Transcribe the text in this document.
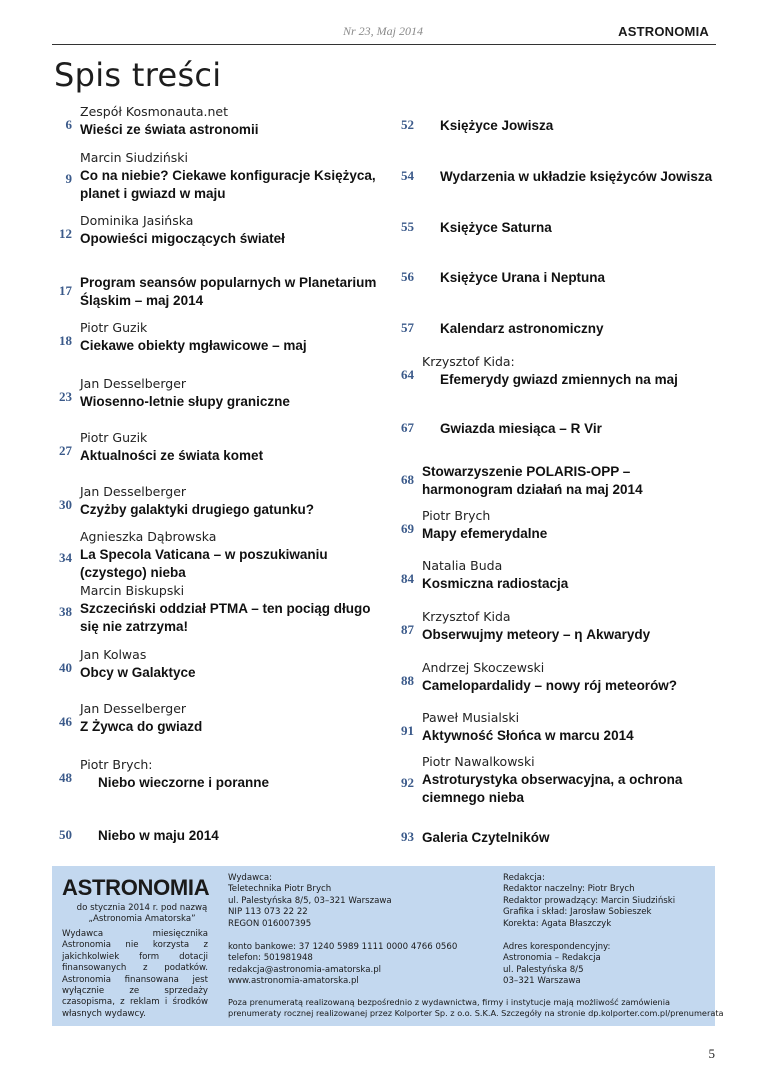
Nr 23, Maj 2014	ASTRONOMIA
Spis treści
6
Zespół Kosmonauta.net
Wieści ze świata astronomii
9
Marcin Siudziński
Co na niebie? Ciekawe konfiguracje Księżyca,
planet i gwiazd w maju
12
Dominika Jasińska
Opowieści migoczących świateł
17
Program seansów popularnych w Planetarium
Śląskim – maj 2014
18
Piotr Guzik
Ciekawe obiekty mgławicowe – maj
23
Jan Desselberger
Wiosenno-letnie słupy graniczne
27
Piotr Guzik
Aktualności ze świata komet
30
Jan Desselberger
Czyżby galaktyki drugiego gatunku?
34
Agnieszka Dąbrowska
La Specola Vaticana – w poszukiwaniu
(czystego) nieba
38
Marcin Biskupski
Szczeciński oddział PTMA – ten pociąg długo
się nie zatrzyma!
40
Jan Kolwas
Obcy w Galaktyce
46
Jan Desselberger
Z Żywca do gwiazd
48
Piotr Brych:
Niebo wieczorne i poranne
50 Niebo w maju 2014
52 Księżyce Jowisza
54 Wydarzenia w układzie księżyców Jowisza
55 Księżyce Saturna
56 Księżyce Urana i Neptuna
57 Kalendarz astronomiczny
64
Krzysztof Kida:
Efemerydy gwiazd zmiennych na maj
67 Gwiazda miesiąca – R Vir
68
Stowarzyszenie POLARIS-OPP –
harmonogram działań na maj 2014
69
Piotr Brych
Mapy efemerydalne
84
Natalia Buda
Kosmiczna radiostacja
87
Krzysztof Kida
Obserwujmy meteory – η Akwarydy
88
Andrzej Skoczewski
Camelopardalidy – nowy rój meteorów?
91
Paweł Musialski
Aktywność Słońca w marcu 2014
92
Piotr Nawalkowski
Astroturystyka obserwacyjna, a ochrona
ciemnego nieba
93 Galeria Czytelników
ASTRONOMIA
do stycznia 2014 r. pod nazwą
„Astronomia Amatorska”
Wydawca miesięcznika Astronomia nie korzysta z jakichkolwiek form dotacji finansowanych z podatków. Astronomia finansowana jest wyłącznie ze sprzedaży czasopisma, z reklam i środków własnych wydawcy.
Wydawca:
Teletechnika Piotr Brych
ul. Palestyńska 8/5, 03–321 Warszawa
NIP 113 073 22 22
REGON 016007395
konto bankowe: 37 1240 5989 1111 0000 4766 0560
telefon: 501981948
redakcja@astronomia-amatorska.pl
www.astronomia-amatorska.pl
Redakcja:
Redaktor naczelny: Piotr Brych
Redaktor prowadzący: Marcin Siudziński
Grafika i skład: Jarosław Sobieszek
Korekta: Agata Błaszczyk
Adres korespondencyjny:
Astronomia – Redakcja
ul. Palestyńska 8/5
03–321 Warszawa
Poza prenumeratą realizowaną bezpośrednio z wydawnictwa, firmy i instytucje mają możliwość zamówienia
prenumeraty rocznej realizowanej przez Kolporter Sp. z o.o. S.K.A. Szczegóły na stronie dp.kolporter.com.pl/prenumerata
5
